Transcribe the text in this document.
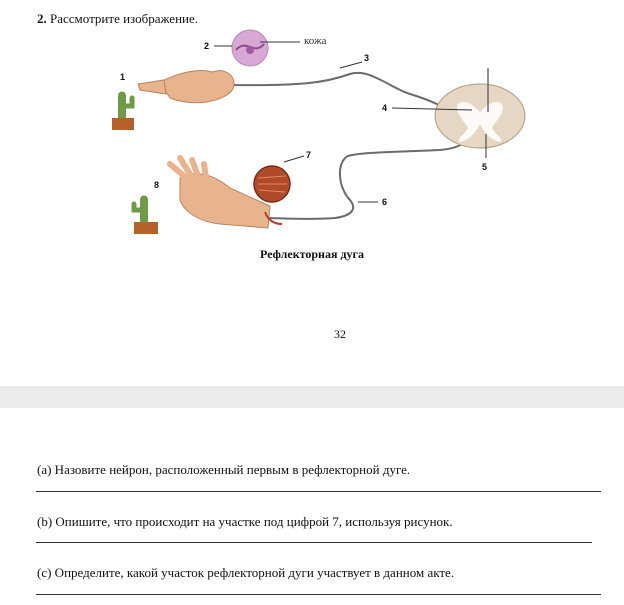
2. Рассмотрите изображение.
1
2
3
4
5
6
7
8
кожа
Рефлекторная дуга
32
(a) Назовите нейрон, расположенный первым в рефлекторной дуге.
(b) Опишите, что происходит на участке под цифрой 7, используя рисунок.
(c) Определите, какой участок рефлекторной дуги участвует в данном акте.
